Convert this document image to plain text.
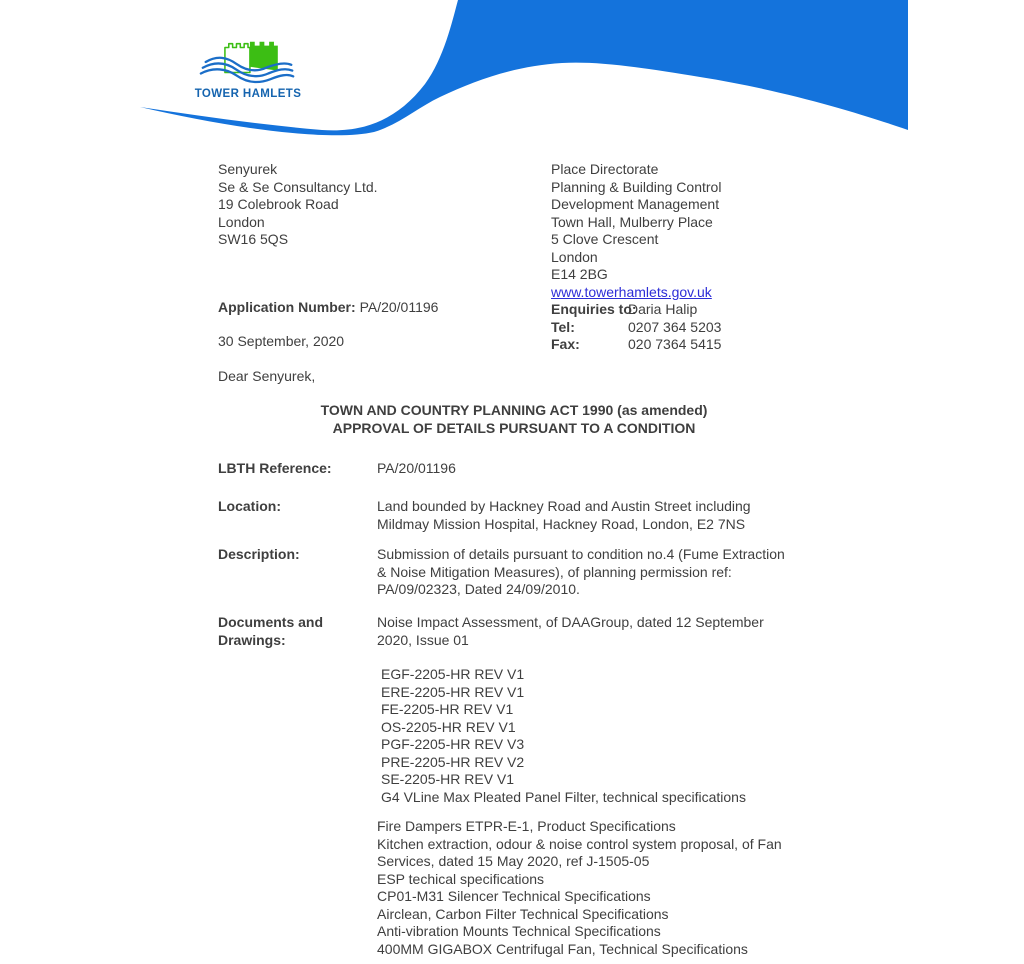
TOWER HAMLETS
Senyurek
Se & Se Consultancy Ltd.
19 Colebrook Road
London
SW16 5QS
Place Directorate
Planning & Building Control
Development Management
Town Hall, Mulberry Place
5 Clove Crescent
London
E14 2BG
www.towerhamlets.gov.uk
Enquiries to:
Daria Halip
Tel:	0207 364 5203
Fax:	020 7364 5415
Application Number: PA/20/01196
30 September, 2020
Dear Senyurek,
TOWN AND COUNTRY PLANNING ACT 1990 (as amended)
APPROVAL OF DETAILS PURSUANT TO A CONDITION
LBTH Reference:	PA/20/01196
Location:	Land bounded by Hackney Road and Austin Street including
Mildmay Mission Hospital, Hackney Road, London, E2 7NS
Description:	Submission of details pursuant to condition no.4 (Fume Extraction
& Noise Mitigation Measures), of planning permission ref:
PA/09/02323, Dated 24/09/2010.
Documents and Drawings:
Noise Impact Assessment, of DAAGroup, dated 12 September
2020, Issue 01
EGF-2205-HR REV V1
ERE-2205-HR REV V1
FE-2205-HR REV V1
OS-2205-HR REV V1
PGF-2205-HR REV V3
PRE-2205-HR REV V2
SE-2205-HR REV V1
G4 VLine Max Pleated Panel Filter, technical specifications
Fire Dampers ETPR-E-1, Product Specifications
Kitchen extraction, odour & noise control system proposal, of Fan
Services, dated 15 May 2020, ref J-1505-05
ESP techical specifications
CP01-M31 Silencer Technical Specifications
Airclean, Carbon Filter Technical Specifications
Anti-vibration Mounts Technical Specifications
400MM GIGABOX Centrifugal Fan, Technical Specifications
